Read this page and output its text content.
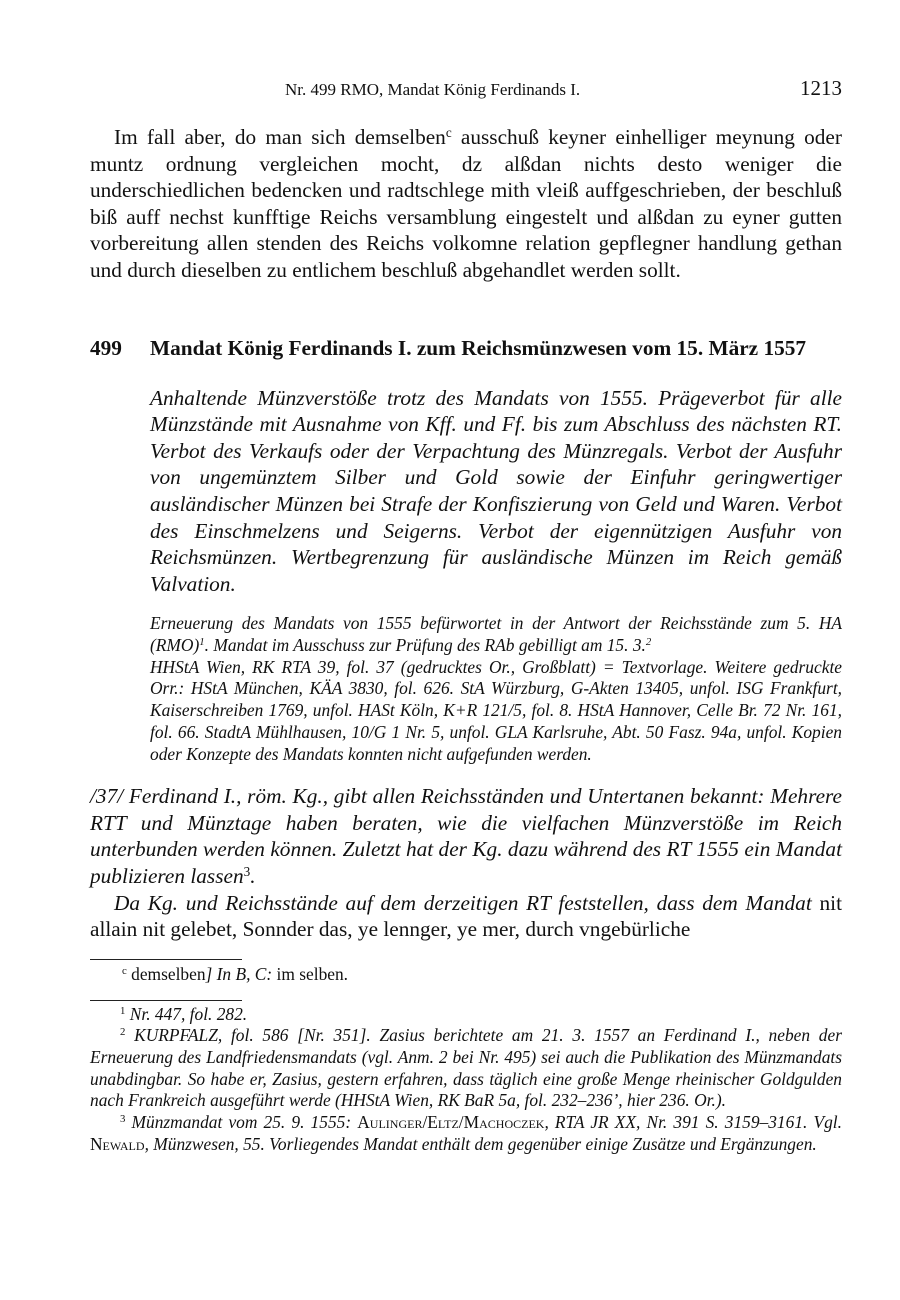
Nr. 499 RMO, Mandat König Ferdinands I.	1213

Im fall aber, do man sich demselben$^c$ ausschuß keyner einhelliger meynung oder muntz ordnung vergleichen mocht, dz alßdan nichts desto weniger die underschiedlichen bedencken und radtschlege mith vleiß auffgeschrieben, der beschluß biß auff nechst kunfftige Reichs versamblung eingestelt und alßdan zu eyner gutten vorbereitung allen stenden des Reichs volkomne relation gepflegner handlung gethan und durch dieselben zu entlichem beschluß abgehandlet werden sollt.

499	Mandat König Ferdinands I. zum Reichsmünzwesen vom 15. März 1557

Anhaltende Münzverstöße trotz des Mandats von 1555. Prägeverbot für alle Münzstände mit Ausnahme von Kff. und Ff. bis zum Abschluss des nächsten RT. Verbot des Verkaufs oder der Verpachtung des Münzregals. Verbot der Ausfuhr von ungemünztem Silber und Gold sowie der Einfuhr geringwertiger ausländischer Münzen bei Strafe der Konfiszierung von Geld und Waren. Verbot des Einschmelzens und Seigerns. Verbot der eigennützigen Ausfuhr von Reichsmünzen. Wertbegrenzung für ausländische Münzen im Reich gemäß Valvation.

Erneuerung des Mandats von 1555 befürwortet in der Antwort der Reichsstände zum 5. HA (RMO)$^1$. Mandat im Ausschuss zur Prüfung des RAb gebilligt am 15. 3.$^2$
HHStA Wien, RK RTA 39, fol. 37 (gedrucktes Or., Großblatt) = Textvorlage. Weitere gedruckte Orr.: HStA München, KÄA 3830, fol. 626. StA Würzburg, G-Akten 13405, unfol. ISG Frankfurt, Kaiserschreiben 1769, unfol. HASt Köln, K+R 121/5, fol. 8. HStA Hannover, Celle Br. 72 Nr. 161, fol. 66. StadtA Mühlhausen, 10/G 1 Nr. 5, unfol. GLA Karlsruhe, Abt. 50 Fasz. 94a, unfol. Kopien oder Konzepte des Mandats konnten nicht aufgefunden werden.

/37/ Ferdinand I., röm. Kg., gibt allen Reichsständen und Untertanen bekannt: Mehrere RTT und Münztage haben beraten, wie die vielfachen Münzverstöße im Reich unterbunden werden können. Zuletzt hat der Kg. dazu während des RT 1555 ein Mandat publizieren lassen$^3$.

Da Kg. und Reichsstände auf dem derzeitigen RT feststellen, dass dem Mandat nit allain nit gelebet, Sonnder das, ye lennger, ye mer, durch vngebürliche

$^c$ demselben] In B, C: im selben.

$^1$ Nr. 447, fol. 282.

$^2$ KURPFALZ, fol. 586 [Nr. 351]. Zasius berichtete am 21. 3. 1557 an Ferdinand I., neben der Erneuerung des Landfriedensmandats (vgl. Anm. 2 bei Nr. 495) sei auch die Publikation des Münzmandats unabdingbar. So habe er, Zasius, gestern erfahren, dass täglich eine große Menge rheinischer Goldgulden nach Frankreich ausgeführt werde (HHStA Wien, RK BaR 5a, fol. 232–236’, hier 236. Or.).

$^3$ Münzmandat vom 25. 9. 1555: Aulinger/Eltz/Machoczek, RTA JR XX, Nr. 391 S. 3159–3161. Vgl. Newald, Münzwesen, 55. Vorliegendes Mandat enthält dem gegenüber einige Zusätze und Ergänzungen.
